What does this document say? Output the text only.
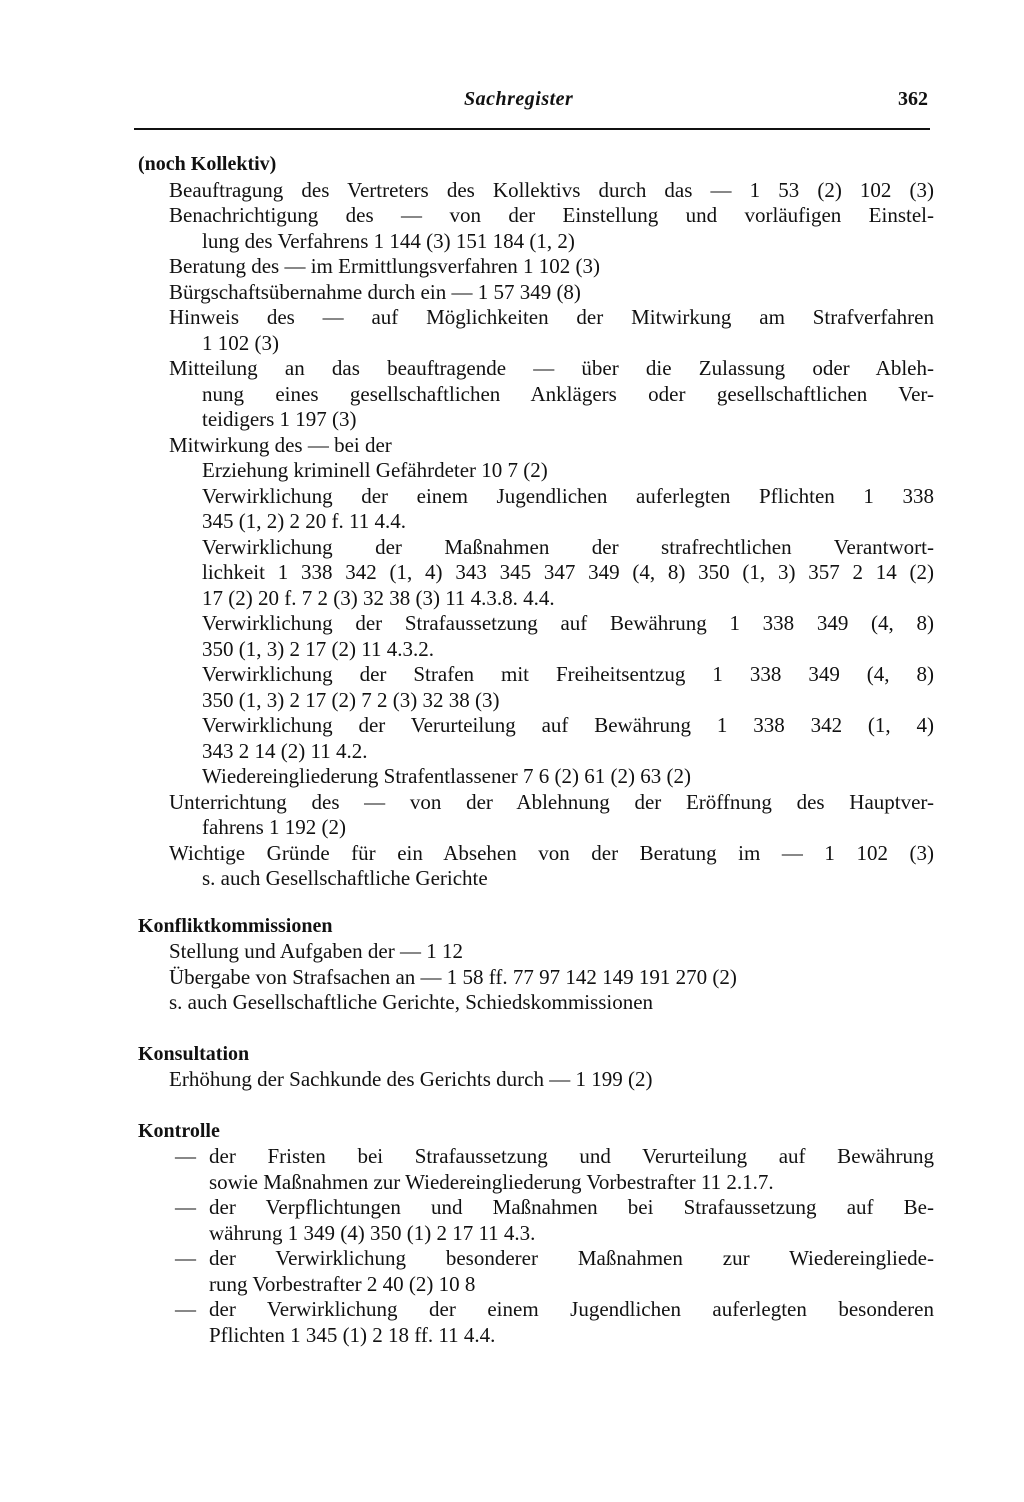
Sachregister	362
(noch Kollektiv)
Beauftragung des Vertreters des Kollektivs durch das — 1 53 (2) 102 (3)
Benachrichtigung des — von der Einstellung und vorläufigen Einstel-
lung des Verfahrens 1 144 (3) 151 184 (1, 2)
Beratung des — im Ermittlungsverfahren 1 102 (3)
Bürgschaftsübernahme durch ein — 1 57 349 (8)
Hinweis des — auf Möglichkeiten der Mitwirkung am Strafverfahren
1 102 (3)
Mitteilung an das beauftragende — über die Zulassung oder Ableh-
nung eines gesellschaftlichen Anklägers oder gesellschaftlichen Ver-
teidigers 1 197 (3)
Mitwirkung des — bei der
Erziehung kriminell Gefährdeter 10 7 (2)
Verwirklichung der einem Jugendlichen auferlegten Pflichten 1 338
345 (1, 2) 2 20 f. 11 4.4.
Verwirklichung der Maßnahmen der strafrechtlichen Verantwort-
lichkeit 1 338 342 (1, 4) 343 345 347 349 (4, 8) 350 (1, 3) 357 2 14 (2)
17 (2) 20 f. 7 2 (3) 32 38 (3) 11 4.3.8. 4.4.
Verwirklichung der Strafaussetzung auf Bewährung 1 338 349 (4, 8)
350 (1, 3) 2 17 (2) 11 4.3.2.
Verwirklichung der Strafen mit Freiheitsentzug 1 338 349 (4, 8)
350 (1, 3) 2 17 (2) 7 2 (3) 32 38 (3)
Verwirklichung der Verurteilung auf Bewährung 1 338 342 (1, 4)
343 2 14 (2) 11 4.2.
Wiedereingliederung Strafentlassener 7 6 (2) 61 (2) 63 (2)
Unterrichtung des — von der Ablehnung der Eröffnung des Hauptver-
fahrens 1 192 (2)
Wichtige Gründe für ein Absehen von der Beratung im — 1 102 (3)
s. auch Gesellschaftliche Gerichte
Konfliktkommissionen
Stellung und Aufgaben der — 1 12
Übergabe von Strafsachen an — 1 58 ff. 77 97 142 149 191 270 (2)
s. auch Gesellschaftliche Gerichte, Schiedskommissionen
Konsultation
Erhöhung der Sachkunde des Gerichts durch — 1 199 (2)
Kontrolle
— der Fristen bei Strafaussetzung und Verurteilung auf Bewährung
sowie Maßnahmen zur Wiedereingliederung Vorbestrafter 11 2.1.7.
— der Verpflichtungen und Maßnahmen bei Strafaussetzung auf Be-
währung 1 349 (4) 350 (1) 2 17 11 4.3.
— der Verwirklichung besonderer Maßnahmen zur Wiedereingliede-
rung Vorbestrafter 2 40 (2) 10 8
— der Verwirklichung der einem Jugendlichen auferlegten besonderen
Pflichten 1 345 (1) 2 18 ff. 11 4.4.
